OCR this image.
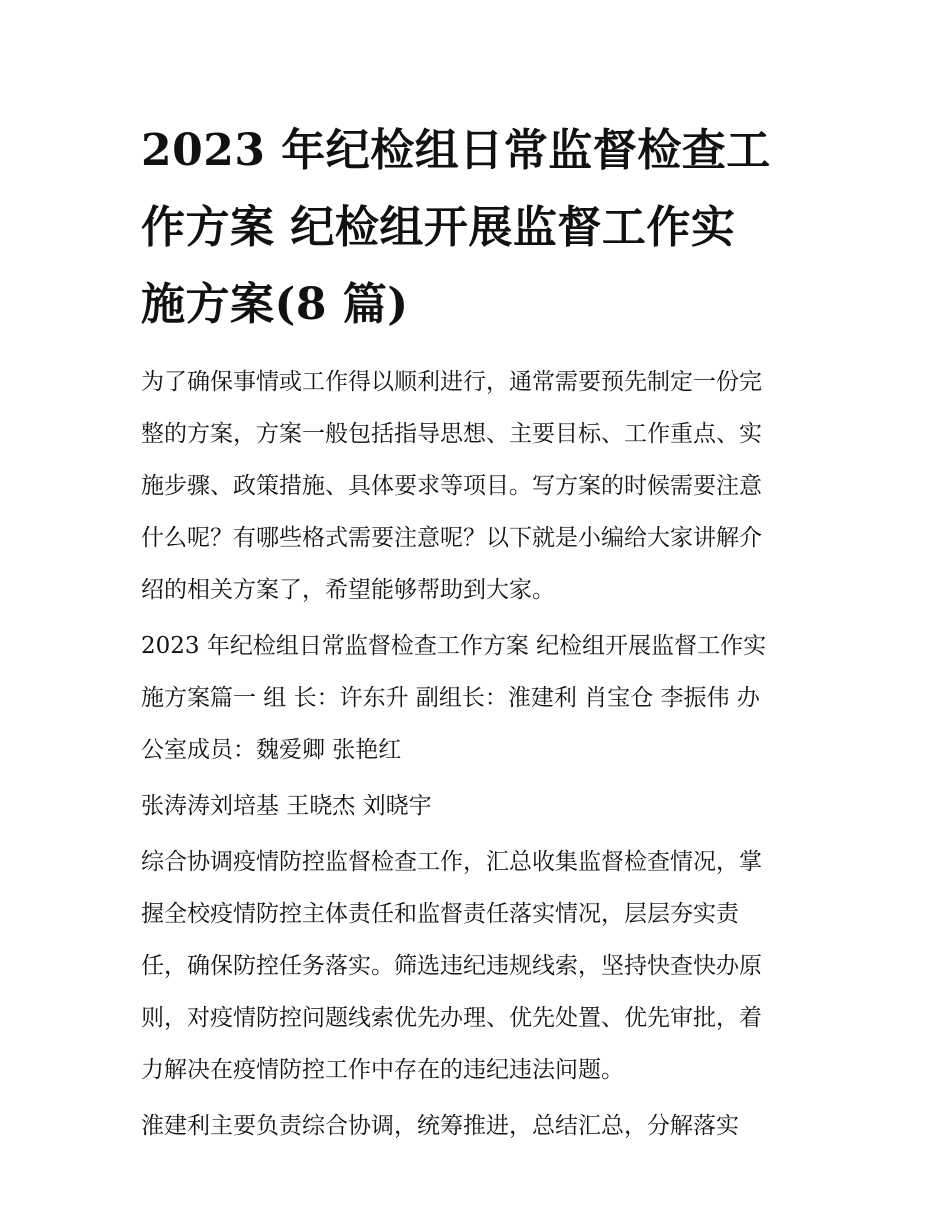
2023 年纪检组日常监督检查工
作方案 纪检组开展监督工作实
施方案(8 篇)

为了确保事情或工作得以顺利进行，通常需要预先制定一份完
整的方案，方案一般包括指导思想、主要目标、工作重点、实
施步骤、政策措施、具体要求等项目。写方案的时候需要注意
什么呢？有哪些格式需要注意呢？以下就是小编给大家讲解介
绍的相关方案了，希望能够帮助到大家。

2023 年纪检组日常监督检查工作方案 纪检组开展监督工作实
施方案篇一 组 长：许东升 副组长：淮建利 肖宝仓 李振伟 办
公室成员：魏爱卿 张艳红

张涛涛刘培基 王晓杰 刘晓宇

综合协调疫情防控监督检查工作，汇总收集监督检查情况，掌
握全校疫情防控主体责任和监督责任落实情况，层层夯实责
任，确保防控任务落实。筛选违纪违规线索，坚持快查快办原
则，对疫情防控问题线索优先办理、优先处置、优先审批，着
力解决在疫情防控工作中存在的违纪违法问题。

淮建利主要负责综合协调，统筹推进，总结汇总，分解落实
